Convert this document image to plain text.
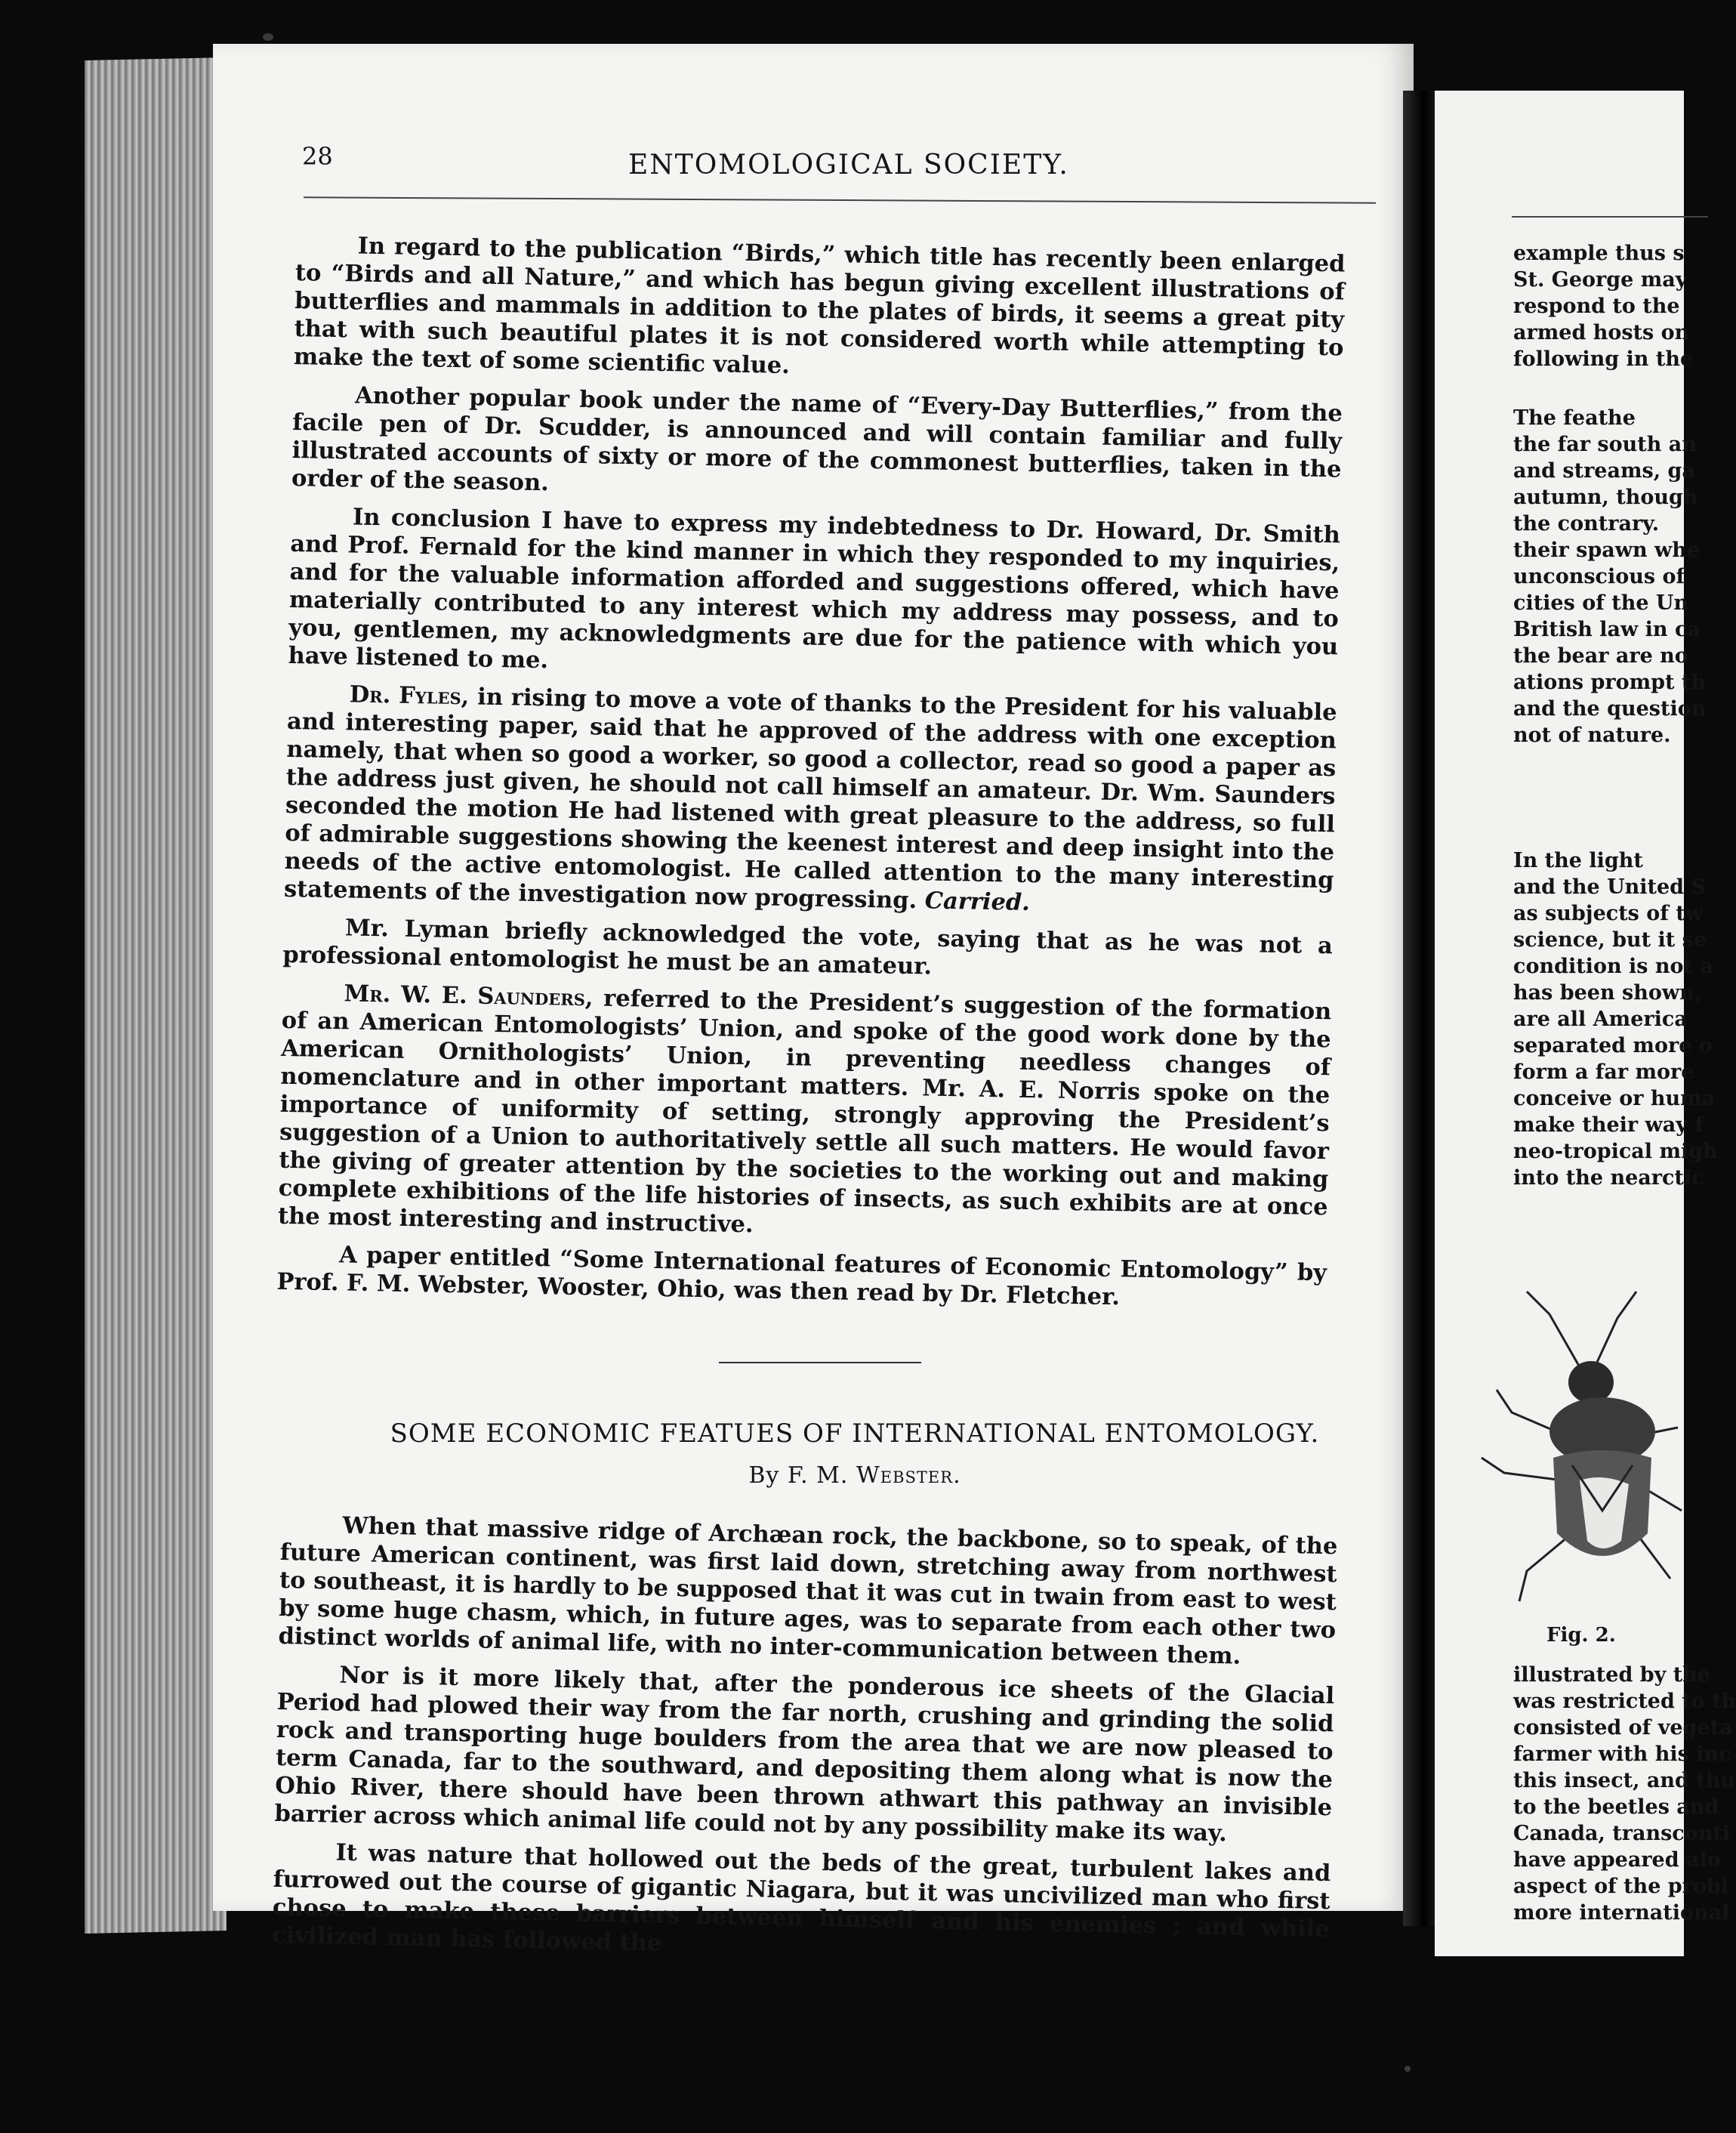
28	ENTOMOLOGICAL SOCIETY.

In regard to the publication “Birds,” which title has recently been enlarged to “Birds and all Nature,” and which has begun giving excellent illustrations of butterflies and mammals in addition to the plates of birds, it seems a great pity that with such beautiful plates it is not considered worth while attempting to make the text of some scientific value.

Another popular book under the name of “Every-Day Butterflies,” from the facile pen of Dr. Scudder, is announced and will contain familiar and fully illustrated accounts of sixty or more of the commonest butterflies, taken in the order of the season.

In conclusion I have to express my indebtedness to Dr. Howard, Dr. Smith and Prof. Fernald for the kind manner in which they responded to my inquiries, and for the valuable information afforded and suggestions offered, which have materially contributed to any interest which my address may possess, and to you, gentlemen, my acknowledgments are due for the patience with which you have listened to me.

Dr. Fyles, in rising to move a vote of thanks to the President for his valuable and interesting paper, said that he approved of the address with one exception namely, that when so good a worker, so good a collector, read so good a paper as the address just given, he should not call himself an amateur. Dr. Wm. Saunders seconded the motion He had listened with great pleasure to the address, so full of admirable suggestions showing the keenest interest and deep insight into the needs of the active entomologist. He called attention to the many interesting statements of the investigation now progressing. Carried.

Mr. Lyman briefly acknowledged the vote, saying that as he was not a professional entomologist he must be an amateur.

Mr. W. E. Saunders, referred to the President’s suggestion of the formation of an American Entomologists’ Union, and spoke of the good work done by the American Ornithologists’ Union, in preventing needless changes of nomenclature and in other important matters. Mr. A. E. Norris spoke on the importance of uniformity of setting, strongly approving the President’s suggestion of a Union to authoritatively settle all such matters. He would favor the giving of greater attention by the societies to the working out and making complete exhibitions of the life histories of insects, as such exhibits are at once the most interesting and instructive.

A paper entitled “Some International features of Economic Entomology” by Prof. F. M. Webster, Wooster, Ohio, was then read by Dr. Fletcher.

SOME ECONOMIC FEATUES OF INTERNATIONAL ENTOMOLOGY.
By F. M. Webster.

When that massive ridge of Archæan rock, the backbone, so to speak, of the future American continent, was first laid down, stretching away from northwest to southeast, it is hardly to be supposed that it was cut in twain from east to west by some huge chasm, which, in future ages, was to separate from each other two distinct worlds of animal life, with no inter-communication between them.

Nor is it more likely that, after the ponderous ice sheets of the Glacial Period had plowed their way from the far north, crushing and grinding the solid rock and transporting huge boulders from the area that we are now pleased to term Canada, far to the southward, and depositing them along what is now the Ohio River, there should have been thrown athwart this pathway an invisible barrier across which animal life could not by any possibility make its way.

It was nature that hollowed out the beds of the great, turbulent lakes and furrowed out the course of gigantic Niagara, but it was uncivilized man who first chose to make these barriers between himself and his enemies ; and while civilized man has followed the

example thus s
St. George may
respond to the
armed hosts on
following in the
The feathe
the far south an
and streams, ga
autumn, though
the contrary.
their spawn whe
unconscious of
cities of the Un
British law in ca
the bear are no
ations prompt th
and the question
not of nature.
In the light
and the United S
as subjects of tw
science, but it se
condition is not a
has been shown,
are all America
separated more o
form a far more
conceive or huma
make their way f
neo-tropical migh
into the nearctic
Fig. 2.
illustrated by the
was restricted to th
consisted of vegeta
farmer with his inc
this insect, and thu
to the beetles and
Canada, transconti
have appeared alo
aspect of the probl
more international
